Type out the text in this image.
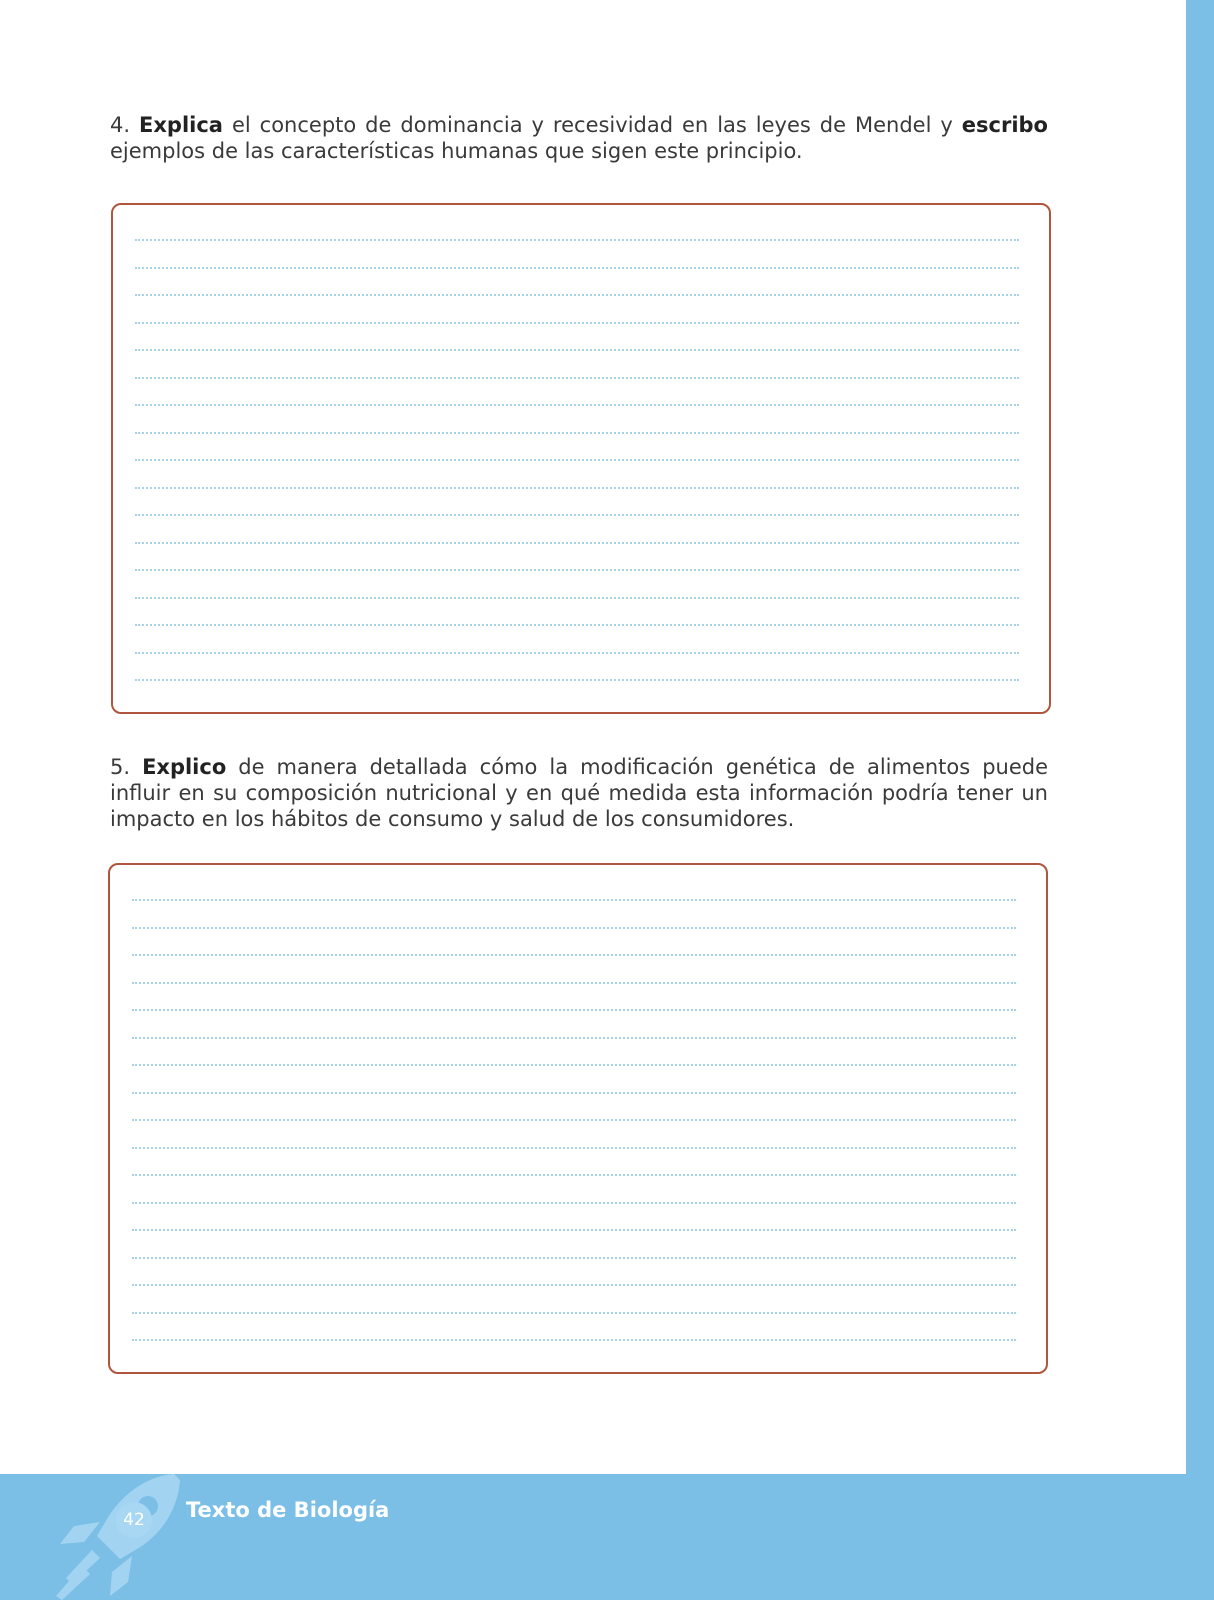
4. Explica el concepto de dominancia y recesividad en las leyes de Mendel y escribo ejemplos de las características humanas que sigen este principio.

5. Explico de manera detallada cómo la modificación genética de alimentos puede influir en su composición nutricional y en qué medida esta información podría tener un impacto en los hábitos de consumo y salud de los consumidores.

42	Texto de Biología
